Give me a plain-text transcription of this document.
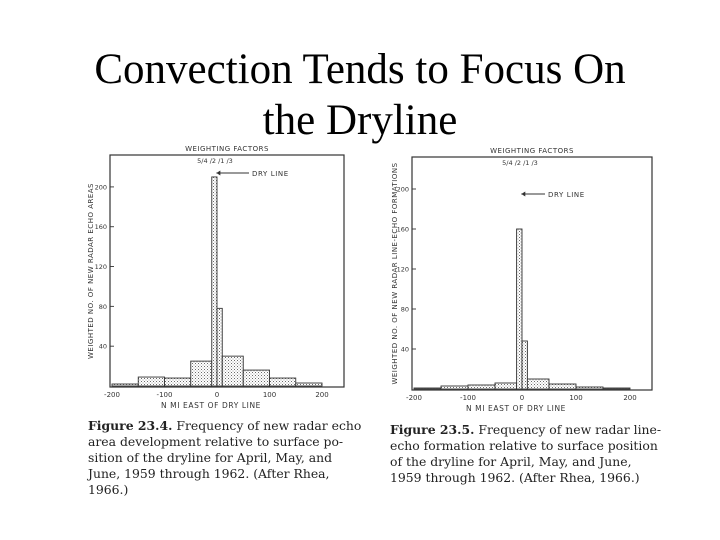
Convection Tends to Focus On
the Dryline
WEIGHTING FACTORS
5/4 /2 /1 /3
40
80
120
160
200
-200	-100	0	100	200
N MI EAST OF DRY LINE
WEIGHTED NO. OF NEW RADAR ECHO AREAS
DRY LINE
WEIGHTING FACTORS
5/4 /2 /1 /3
40
80
120
160
200
-200	-100	0	100	200
N MI EAST OF DRY LINE
WEIGHTED NO. OF NEW RADAR LINE-ECHO FORMATIONS	DRY LINE
Figure 23.4. Frequency of new radar echo
area development relative to surface po-
sition of the dryline for April, May, and
June, 1959 through 1962. (After Rhea,
1966.)
Figure 23.5. Frequency of new radar line-
echo formation relative to surface position
of the dryline for April, May, and June,
1959 through 1962. (After Rhea, 1966.)
